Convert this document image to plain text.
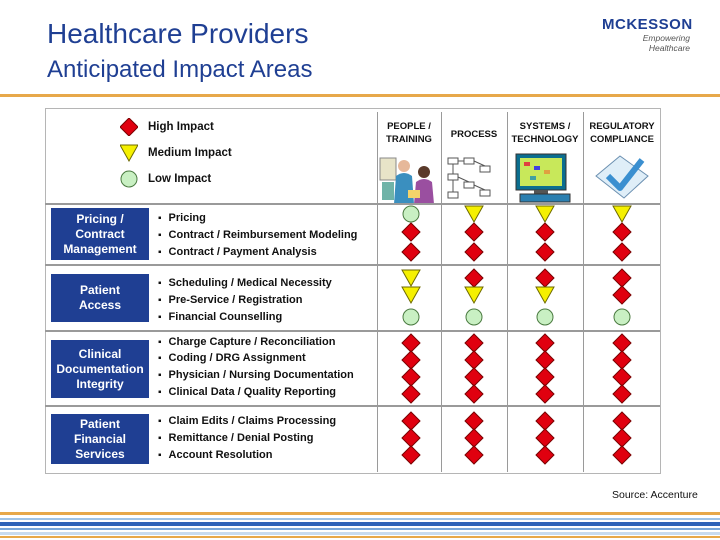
Healthcare Providers
Anticipated Impact Areas
MCKESSON
Empowering Healthcare
High Impact
Medium Impact
Low Impact
PEOPLE /
TRAINING	PROCESS
SYSTEMS /
TECHNOLOGY
REGULATORY
COMPLIANCE
Pricing /
Contract
Management
Patient
Access
Clinical
Documentation
Integrity
Patient
Financial
Services
▪ Pricing
▪ Contract / Reimbursement Modeling
▪ Contract / Payment Analysis
▪ Scheduling / Medical Necessity
▪ Pre-Service / Registration
▪ Financial Counselling
▪ Charge Capture / Reconciliation
▪ Coding / DRG Assignment
▪ Physician / Nursing Documentation
▪ Clinical Data / Quality Reporting
▪ Claim Edits / Claims Processing
▪ Remittance / Denial Posting
▪ Account Resolution
Source: Accenture
